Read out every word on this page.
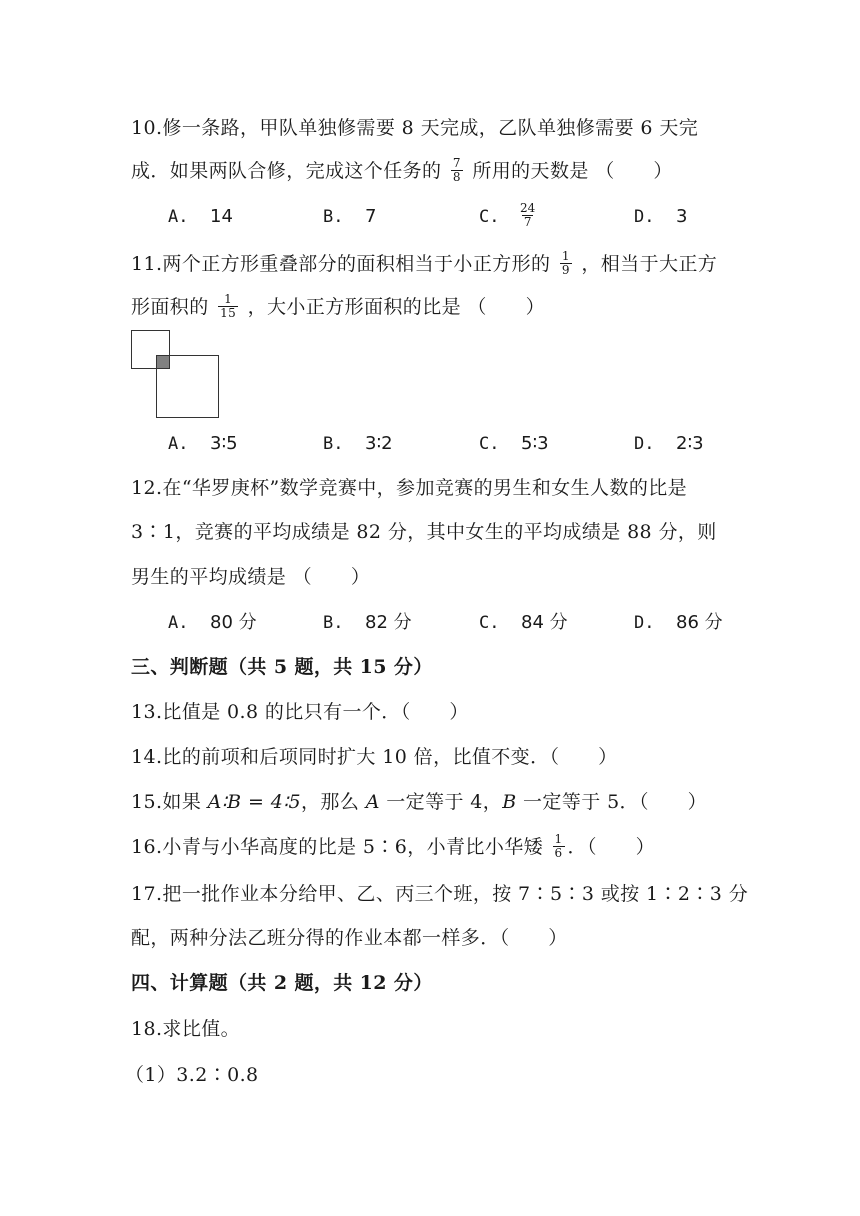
10.修一条路，甲队单独修需要 8 天完成，乙队单独修需要 6 天完
成．如果两队合修，完成这个任务的 $\frac{7}{8}$ 所用的天数是 （　　）
A. 14	B. 7	C. $\frac{24}{7}$	D. 3
11.两个正方形重叠部分的面积相当于小正方形的 $\frac{1}{9}$ ，相当于大正方
形面积的 $\frac{1}{15}$ ，大小正方形面积的比是 （　　）
A. 3∶5	B. 3∶2	C. 5∶3	D. 2∶3
12.在“华罗庚杯”数学竞赛中，参加竞赛的男生和女生人数的比是
3∶1，竞赛的平均成绩是 82 分，其中女生的平均成绩是 88 分，则
男生的平均成绩是 （　　）
A. 80 分	B. 82 分	C. 84 分	D. 86 分
三、判断题（共 5 题，共 15 分）
13.比值是 0.8 的比只有一个．（　　）
14.比的前项和后项同时扩大 10 倍，比值不变．（　　）
15.如果 A∶B = 4∶5，那么 A 一定等于 4，B 一定等于 5．（　　）
16.小青与小华高度的比是 5∶6，小青比小华矮 $\frac{1}{6}$ ．（　　）
17.把一批作业本分给甲、乙、丙三个班，按 7∶5∶3 或按 1∶2∶3 分
配，两种分法乙班分得的作业本都一样多．（　　）
四、计算题（共 2 题，共 12 分）
18.求比值。
（1）3.2∶0.8
